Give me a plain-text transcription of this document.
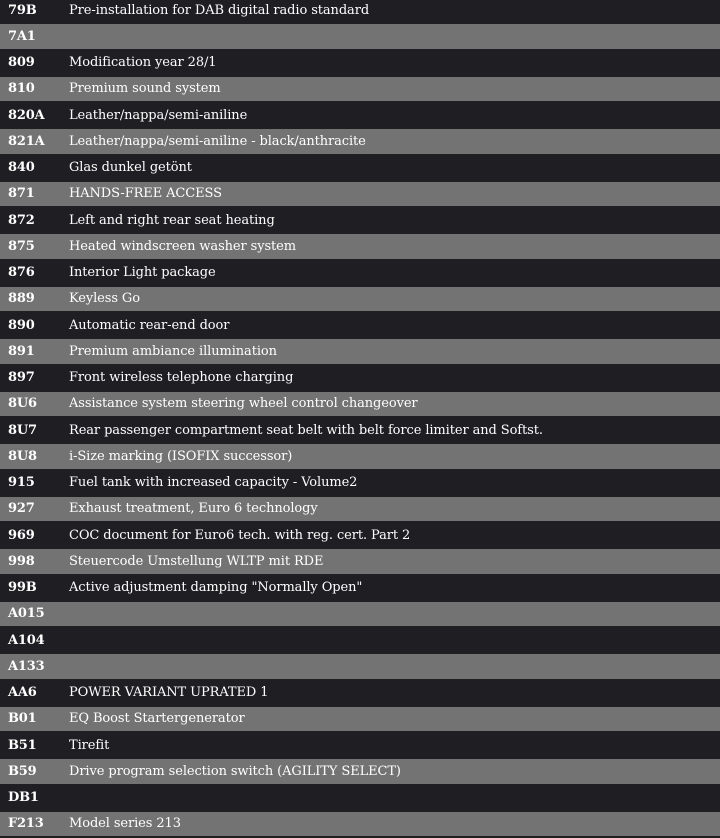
79B	Pre-installation for DAB digital radio standard
7A1
809	Modification year 28/1
810	Premium sound system
820A	Leather/nappa/semi-aniline
821A	Leather/nappa/semi-aniline - black/anthracite
840	Glas dunkel getönt
871	HANDS-FREE ACCESS
872	Left and right rear seat heating
875	Heated windscreen washer system
876	Interior Light package
889	Keyless Go
890	Automatic rear-end door
891	Premium ambiance illumination
897	Front wireless telephone charging
8U6	Assistance system steering wheel control changeover
8U7	Rear passenger compartment seat belt with belt force limiter and Softst.
8U8	i-Size marking (ISOFIX successor)
915	Fuel tank with increased capacity - Volume2
927	Exhaust treatment, Euro 6 technology
969	COC document for Euro6 tech. with reg. cert. Part 2
998	Steuercode Umstellung WLTP mit RDE
99B	Active adjustment damping "Normally Open"
A015
A104
A133
AA6	POWER VARIANT UPRATED 1
B01	EQ Boost Startergenerator
B51	Tirefit
B59	Drive program selection switch (AGILITY SELECT)
DB1
F213	Model series 213
